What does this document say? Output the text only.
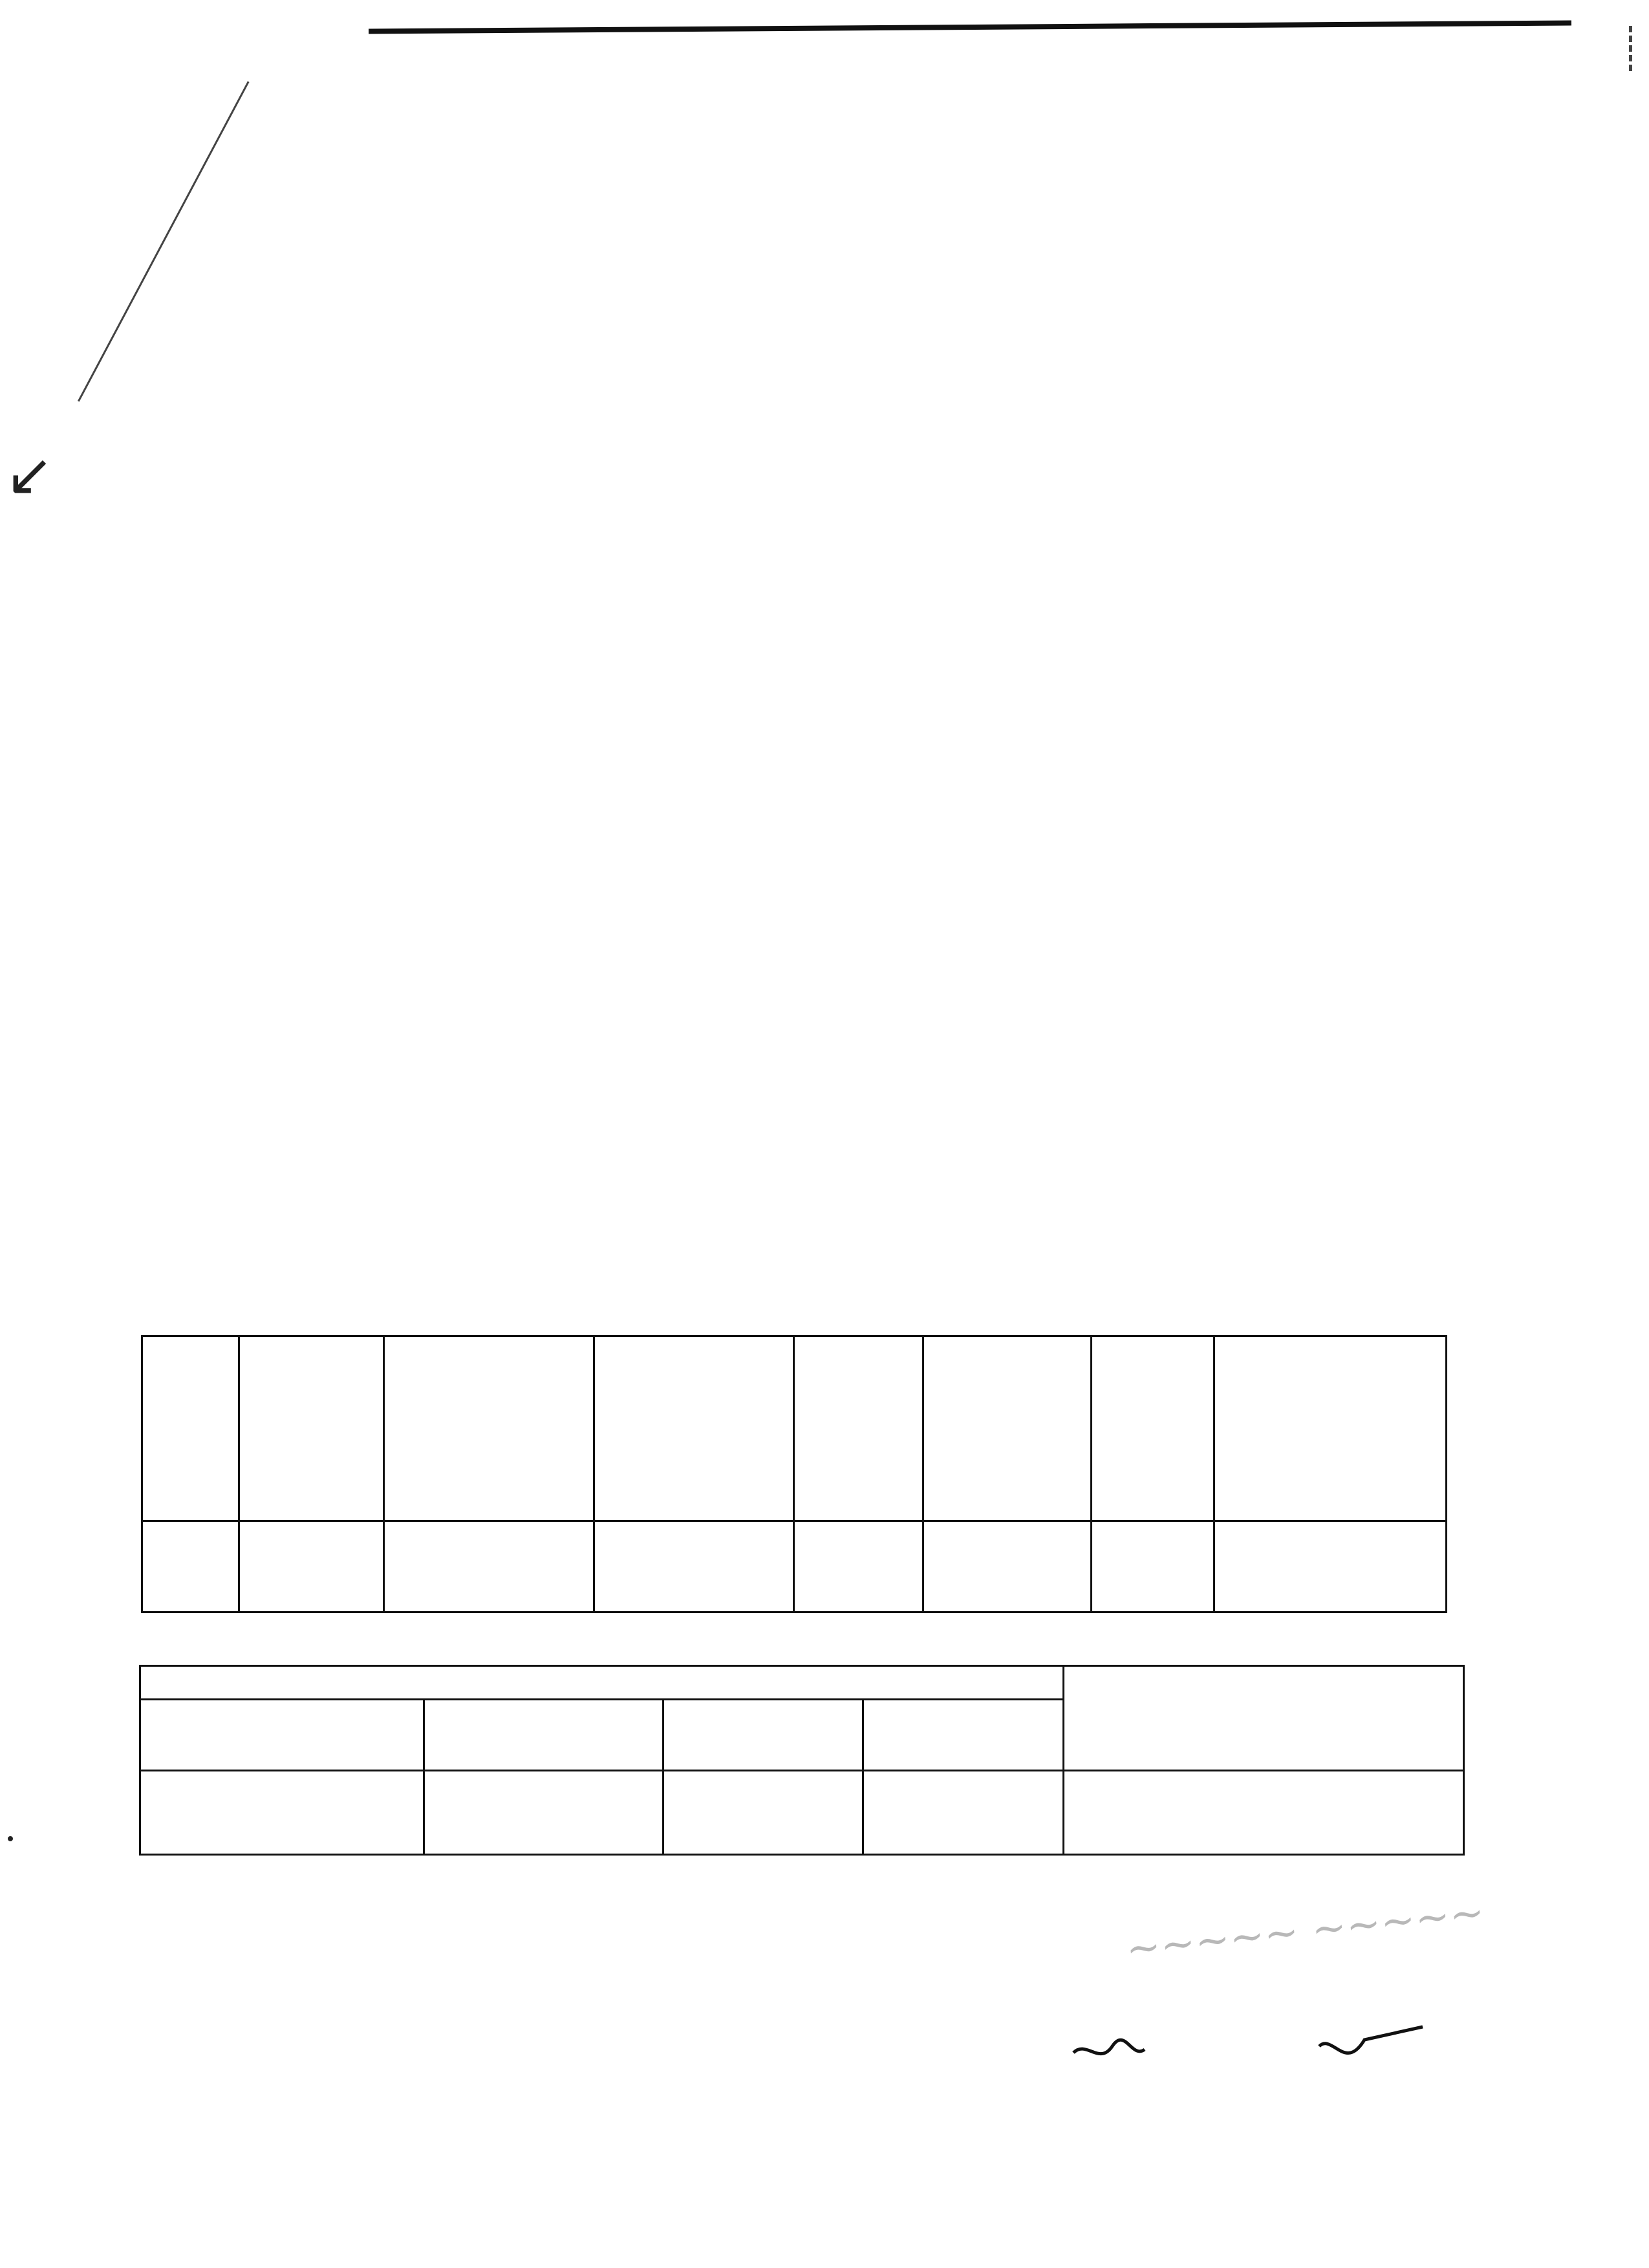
↙

~~~~~ ~~~~~
